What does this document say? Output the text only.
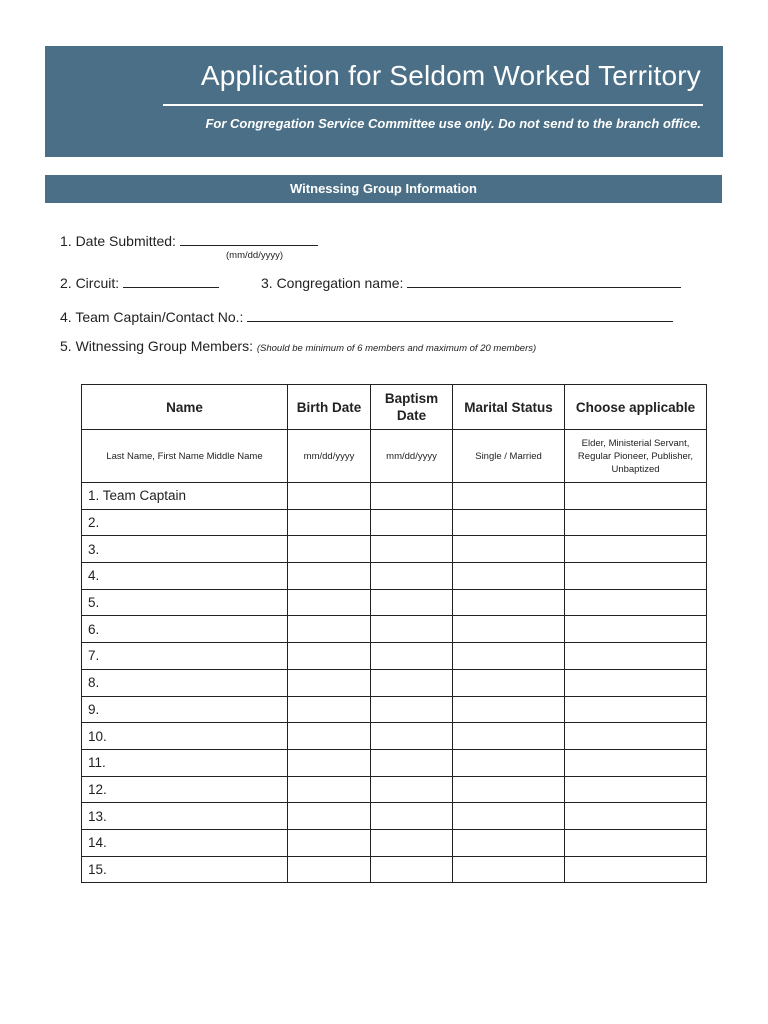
Application for Seldom Worked Territory
For Congregation Service Committee use only. Do not send to the branch office.
Witnessing Group Information
1. Date Submitted:
(mm/dd/yyyy)
2. Circuit:	3. Congregation name:
4. Team Captain/Contact No.:
5. Witnessing Group Members: (Should be minimum of 6 members and maximum of 20 members)
Name	Birth Date	Baptism Date	Marital Status	Choose applicable
Last Name, First Name Middle Name	mm/dd/yyyy	mm/dd/yyyy	Single / Married	Elder, Ministerial Servant, Regular Pioneer, Publisher, Unbaptized
1. Team Captain				
2.				
3.				
4.				
5.				
6.				
7.				
8.				
9.				
10.				
11.				
12.				
13.				
14.				
15.				
